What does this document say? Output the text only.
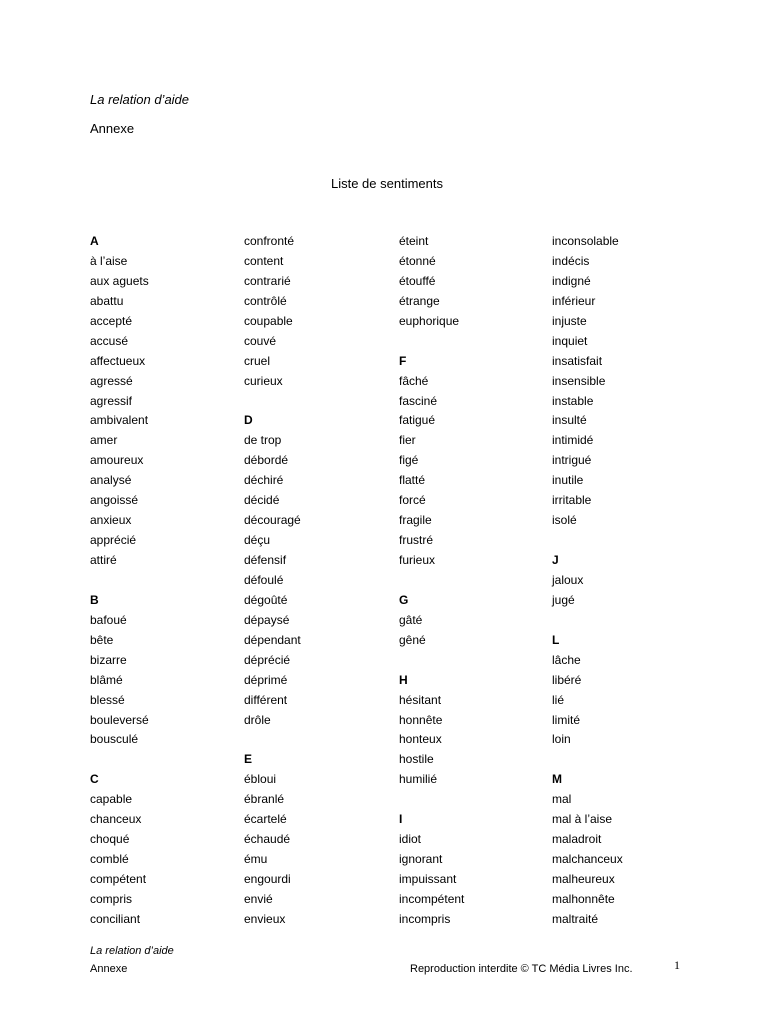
La relation d’aide
Annexe
Liste de sentiments
A
à l’aise
aux aguets
abattu
accepté
accusé
affectueux
agressé
agressif
ambivalent
amer
amoureux
analysé
angoissé
anxieux
apprécié
attiré
B
bafoué
bête
bizarre
blâmé
blessé
bouleversé
bousculé
C
capable
chanceux
choqué
comblé
compétent
compris
conciliant
confronté
content
contrarié
contrôlé
coupable
couvé
cruel
curieux
D
de trop
débordé
déchiré
décidé
découragé
déçu
défensif
défoulé
dégoûté
dépaysé
dépendant
déprécié
déprimé
différent
drôle
E
ébloui
ébranlé
écartelé
échaudé
ému
engourdi
envié
envieux
éteint
étonné
étouffé
étrange
euphorique
F
fâché
fasciné
fatigué
fier
figé
flatté
forcé
fragile
frustré
furieux
G
gâté
gêné
H
hésitant
honnête
honteux
hostile
humilié
I
idiot
ignorant
impuissant
incompétent
incompris
inconsolable
indécis
indigné
inférieur
injuste
inquiet
insatisfait
insensible
instable
insulté
intimidé
intrigué
inutile
irritable
isolé
J
jaloux
jugé
L
lâche
libéré
lié
limité
loin
M
mal
mal à l’aise
maladroit
malchanceux
malheureux
malhonnête
maltraité
La relation d’aide
Annexe	Reproduction interdite © TC Média Livres Inc.	1
